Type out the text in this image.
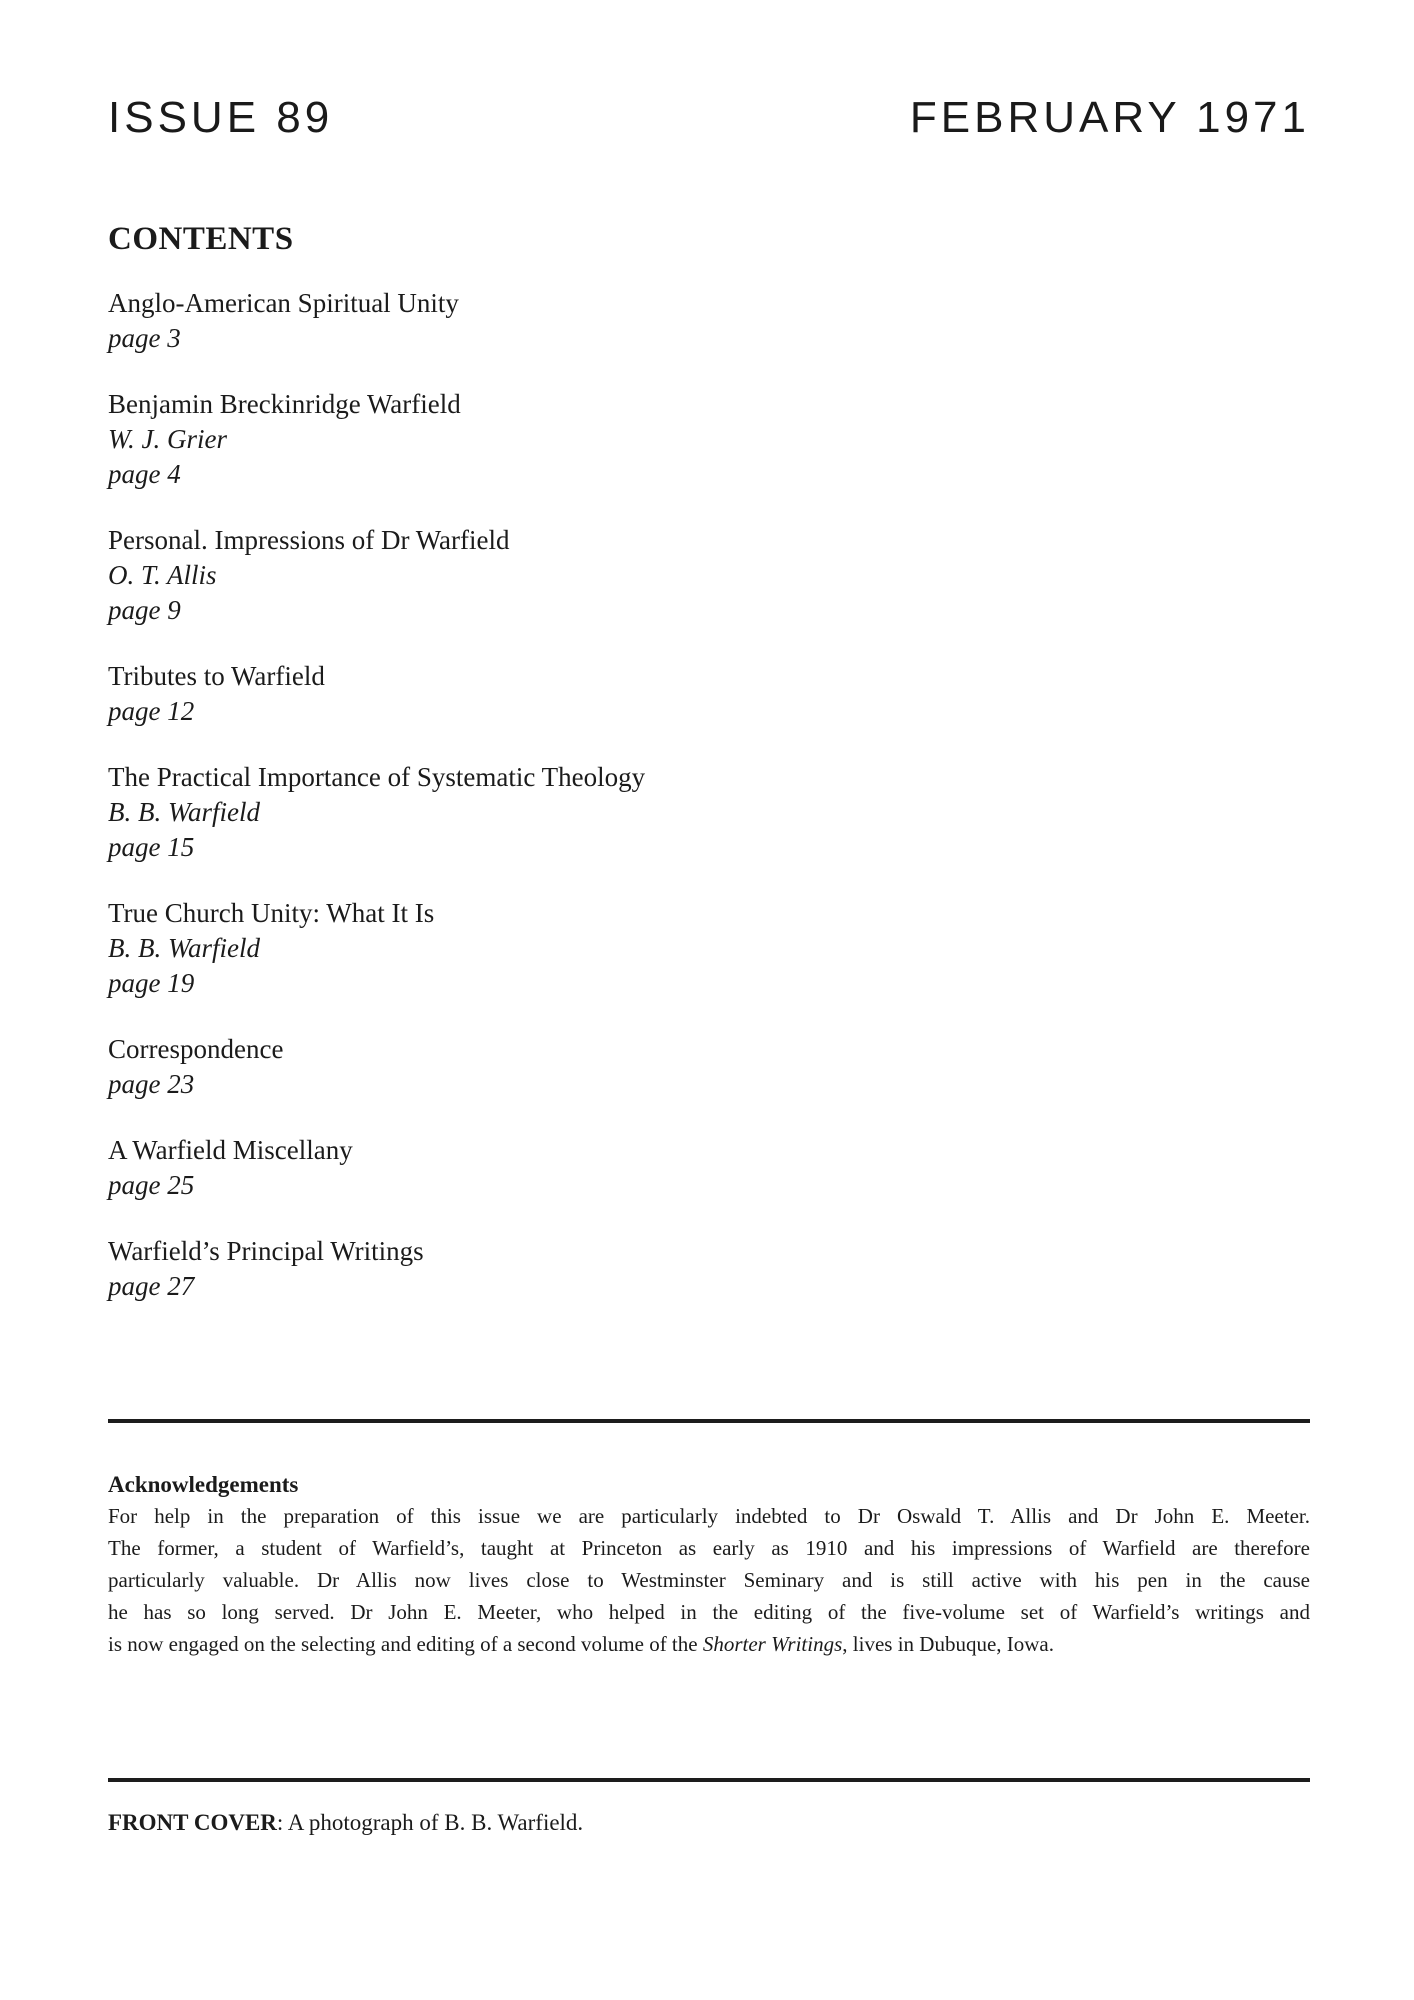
ISSUE 89	FEBRUARY 1971
CONTENTS
Anglo-American Spiritual Unity
page 3
Benjamin Breckinridge Warfield
W. J. Grier
page 4
Personal. Impressions of Dr Warfield
O. T. Allis
page 9
Tributes to Warfield
page 12
The Practical Importance of Systematic Theology
B. B. Warfield
page 15
True Church Unity: What It Is
B. B. Warfield
page 19
Correspondence
page 23
A Warfield Miscellany
page 25
Warfield’s Principal Writings
page 27
Acknowledgements
For help in the preparation of this issue we are particularly indebted to Dr Oswald T. Allis and Dr John E. Meeter.
The former, a student of Warfield’s, taught at Princeton as early as 1910 and his impressions of Warfield are therefore
particularly valuable. Dr Allis now lives close to Westminster Seminary and is still active with his pen in the cause
he has so long served. Dr John E. Meeter, who helped in the editing of the five-volume set of Warfield’s writings and
is now engaged on the selecting and editing of a second volume of the Shorter Writings, lives in Dubuque, Iowa.
FRONT COVER: A photograph of B. B. Warfield.
